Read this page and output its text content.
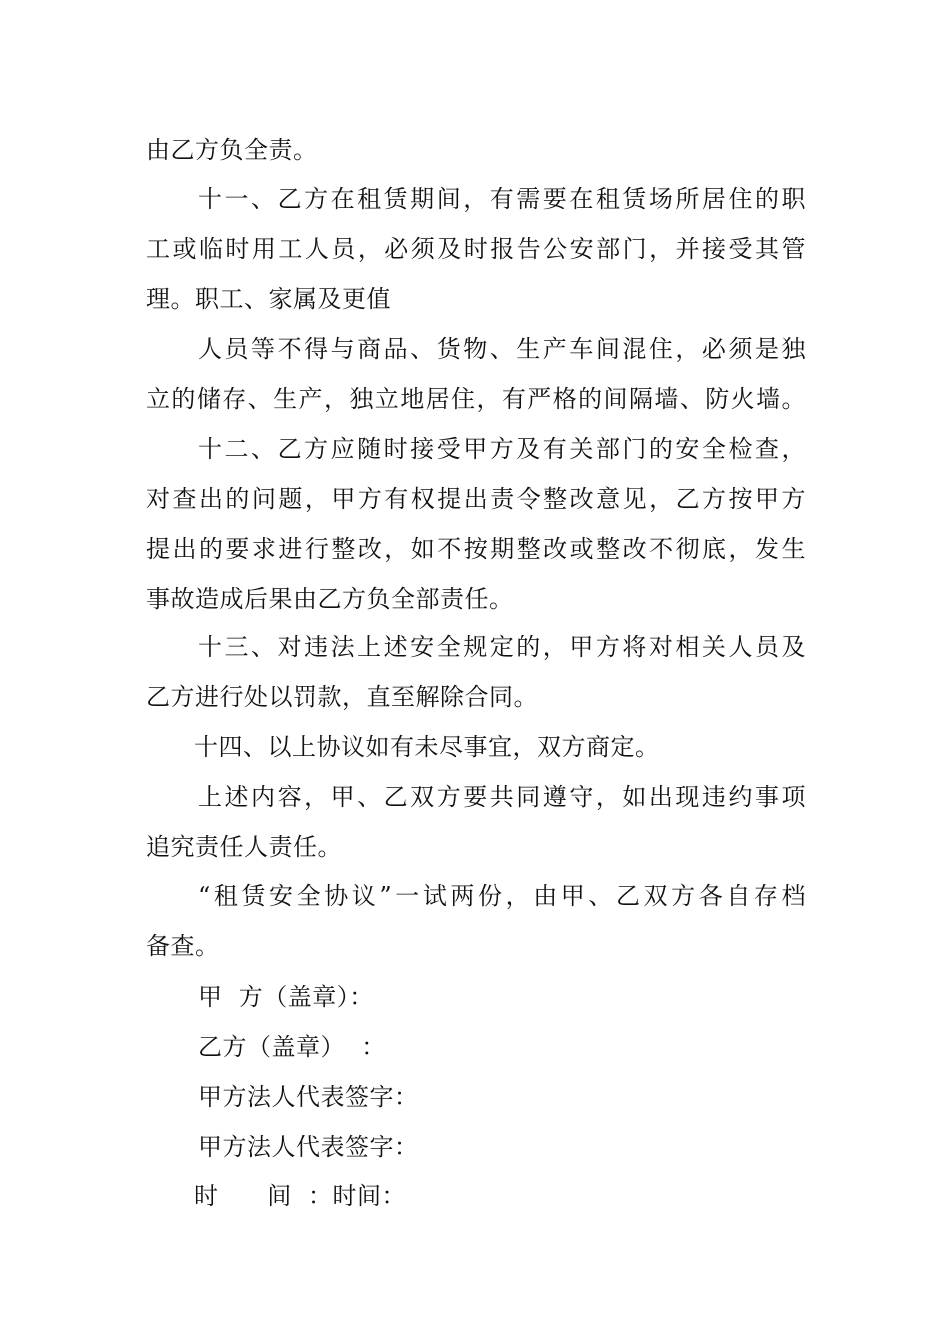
由乙方负全责。
十一、乙方在租赁期间，有需要在租赁场所居住的职
工或临时用工人员，必须及时报告公安部门，并接受其管
理。职工、家属及更值
人员等不得与商品、货物、生产车间混住，必须是独
立的储存、生产，独立地居住，有严格的间隔墙、防火墙。
十二、乙方应随时接受甲方及有关部门的安全检查，
对查出的问题，甲方有权提出责令整改意见，乙方按甲方
提出的要求进行整改，如不按期整改或整改不彻底，发生
事故造成后果由乙方负全部责任。
十三、对违法上述安全规定的，甲方将对相关人员及
乙方进行处以罚款，直至解除合同。
十四、以上协议如有未尽事宜，双方商定。
上述内容，甲、乙双方要共同遵守，如出现违约事项
追究责任人责任。
“租赁安全协议”一试两份，由甲、乙双方各自存档
备查。
甲  方（盖章）：
乙方（盖章）  ：
甲方法人代表签字：
甲方法人代表签字：
时      间  ：时间：
